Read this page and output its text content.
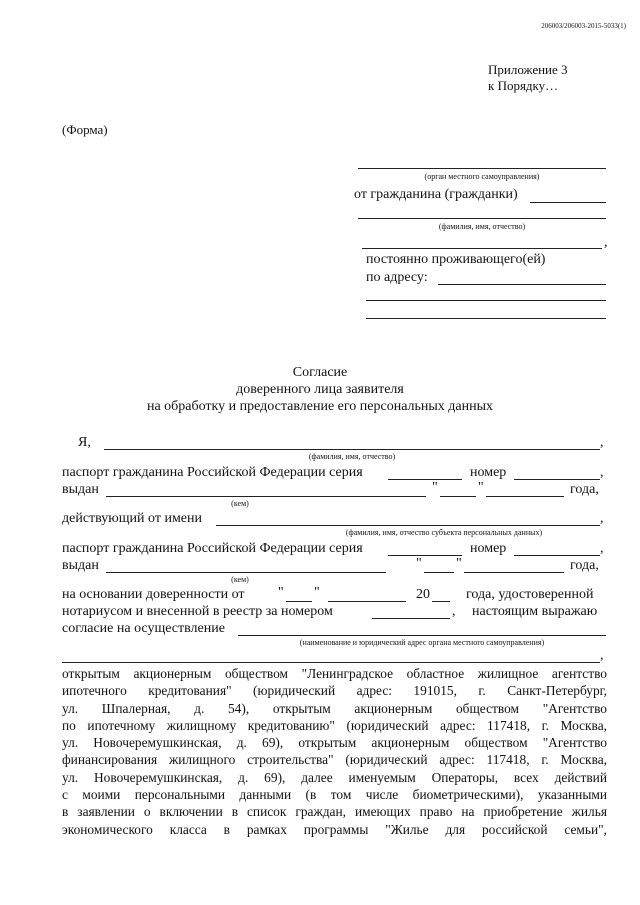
206003/206003-2015-5033(1)
Приложение 3
к Порядку…
(Форма)
(орган местного самоуправления)
от гражданина (гражданки)
(фамилия, имя, отчество)
,
постоянно проживающего(ей)
по адресу:
Согласие
доверенного лица заявителя
на обработку и предоставление его персональных данных
Я,	,
(фамилия, имя, отчество)
паспорт гражданина Российской Федерации серия	номер	,
выдан	"	"	года,
(кем)
действующий от имени	,
(фамилия, имя, отчество субъекта персональных данных)
паспорт гражданина Российской Федерации серия	номер	,
выдан	" "	года,
(кем)
на основании доверенности от " "	20	года, удостоверенной
нотариусом и внесенной в реестр за номером	, настоящим выражаю
согласие на осуществление
(наименование и юридический адрес органа местного самоуправления)
,

открытым акционерным обществом "Ленинградское областное жилищное агентство

ипотечного кредитования" (юридический адрес: 191015, г. Санкт-Петербург,

ул. Шпалерная, д. 54), открытым акционерным обществом "Агентство

по ипотечному жилищному кредитованию" (юридический адрес: 117418, г. Москва,

ул. Новочеремушкинская, д. 69), открытым акционерным обществом "Агентство

финансирования жилищного строительства" (юридический адрес: 117418, г. Москва,

ул. Новочеремушкинская, д. 69), далее именуемым Операторы, всех действий

с моими персональными данными (в том числе биометрическими), указанными

в заявлении о включении в список граждан, имеющих право на приобретение жилья

экономического класса в рамках программы "Жилье для российской семьи",
